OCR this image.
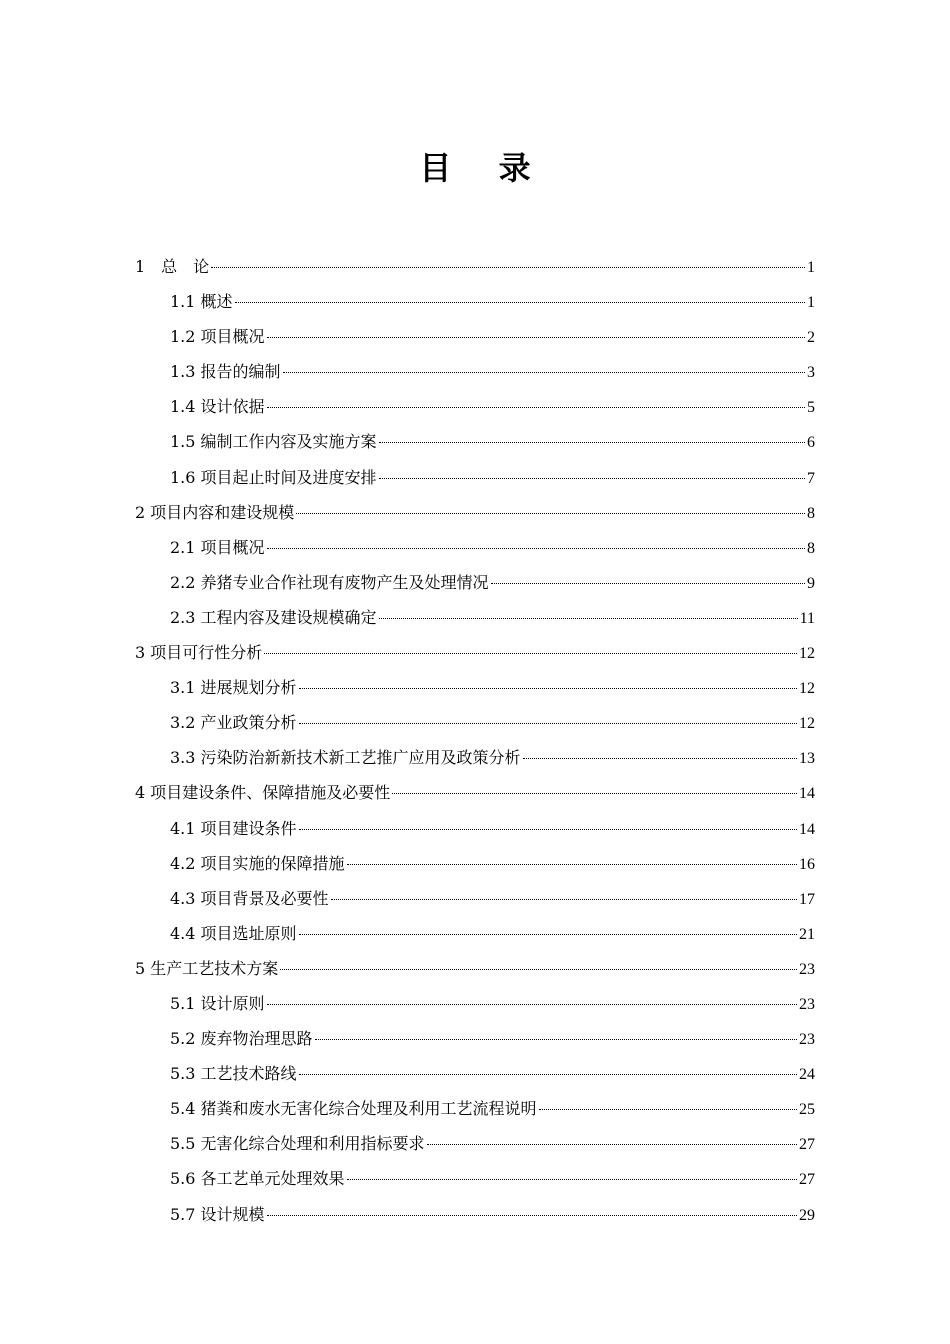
目 录
1　总　论	1
1.1 概述	1
1.2 项目概况	2
1.3 报告的编制	3
1.4 设计依据	5
1.5 编制工作内容及实施方案	6
1.6 项目起止时间及进度安排	7
2 项目内容和建设规模	8
2.1 项目概况	8
2.2 养猪专业合作社现有废物产生及处理情况	9
2.3 工程内容及建设规模确定	11
3 项目可行性分析	12
3.1 进展规划分析	12
3.2 产业政策分析	12
3.3 污染防治新新技术新工艺推广应用及政策分析	13
4 项目建设条件、保障措施及必要性	14
4.1 项目建设条件	14
4.2 项目实施的保障措施	16
4.3 项目背景及必要性	17
4.4 项目选址原则	21
5 生产工艺技术方案	23
5.1 设计原则	23
5.2 废弃物治理思路	23
5.3 工艺技术路线	24
5.4 猪粪和废水无害化综合处理及利用工艺流程说明	25
5.5 无害化综合处理和利用指标要求	27
5.6 各工艺单元处理效果	27
5.7 设计规模	29
